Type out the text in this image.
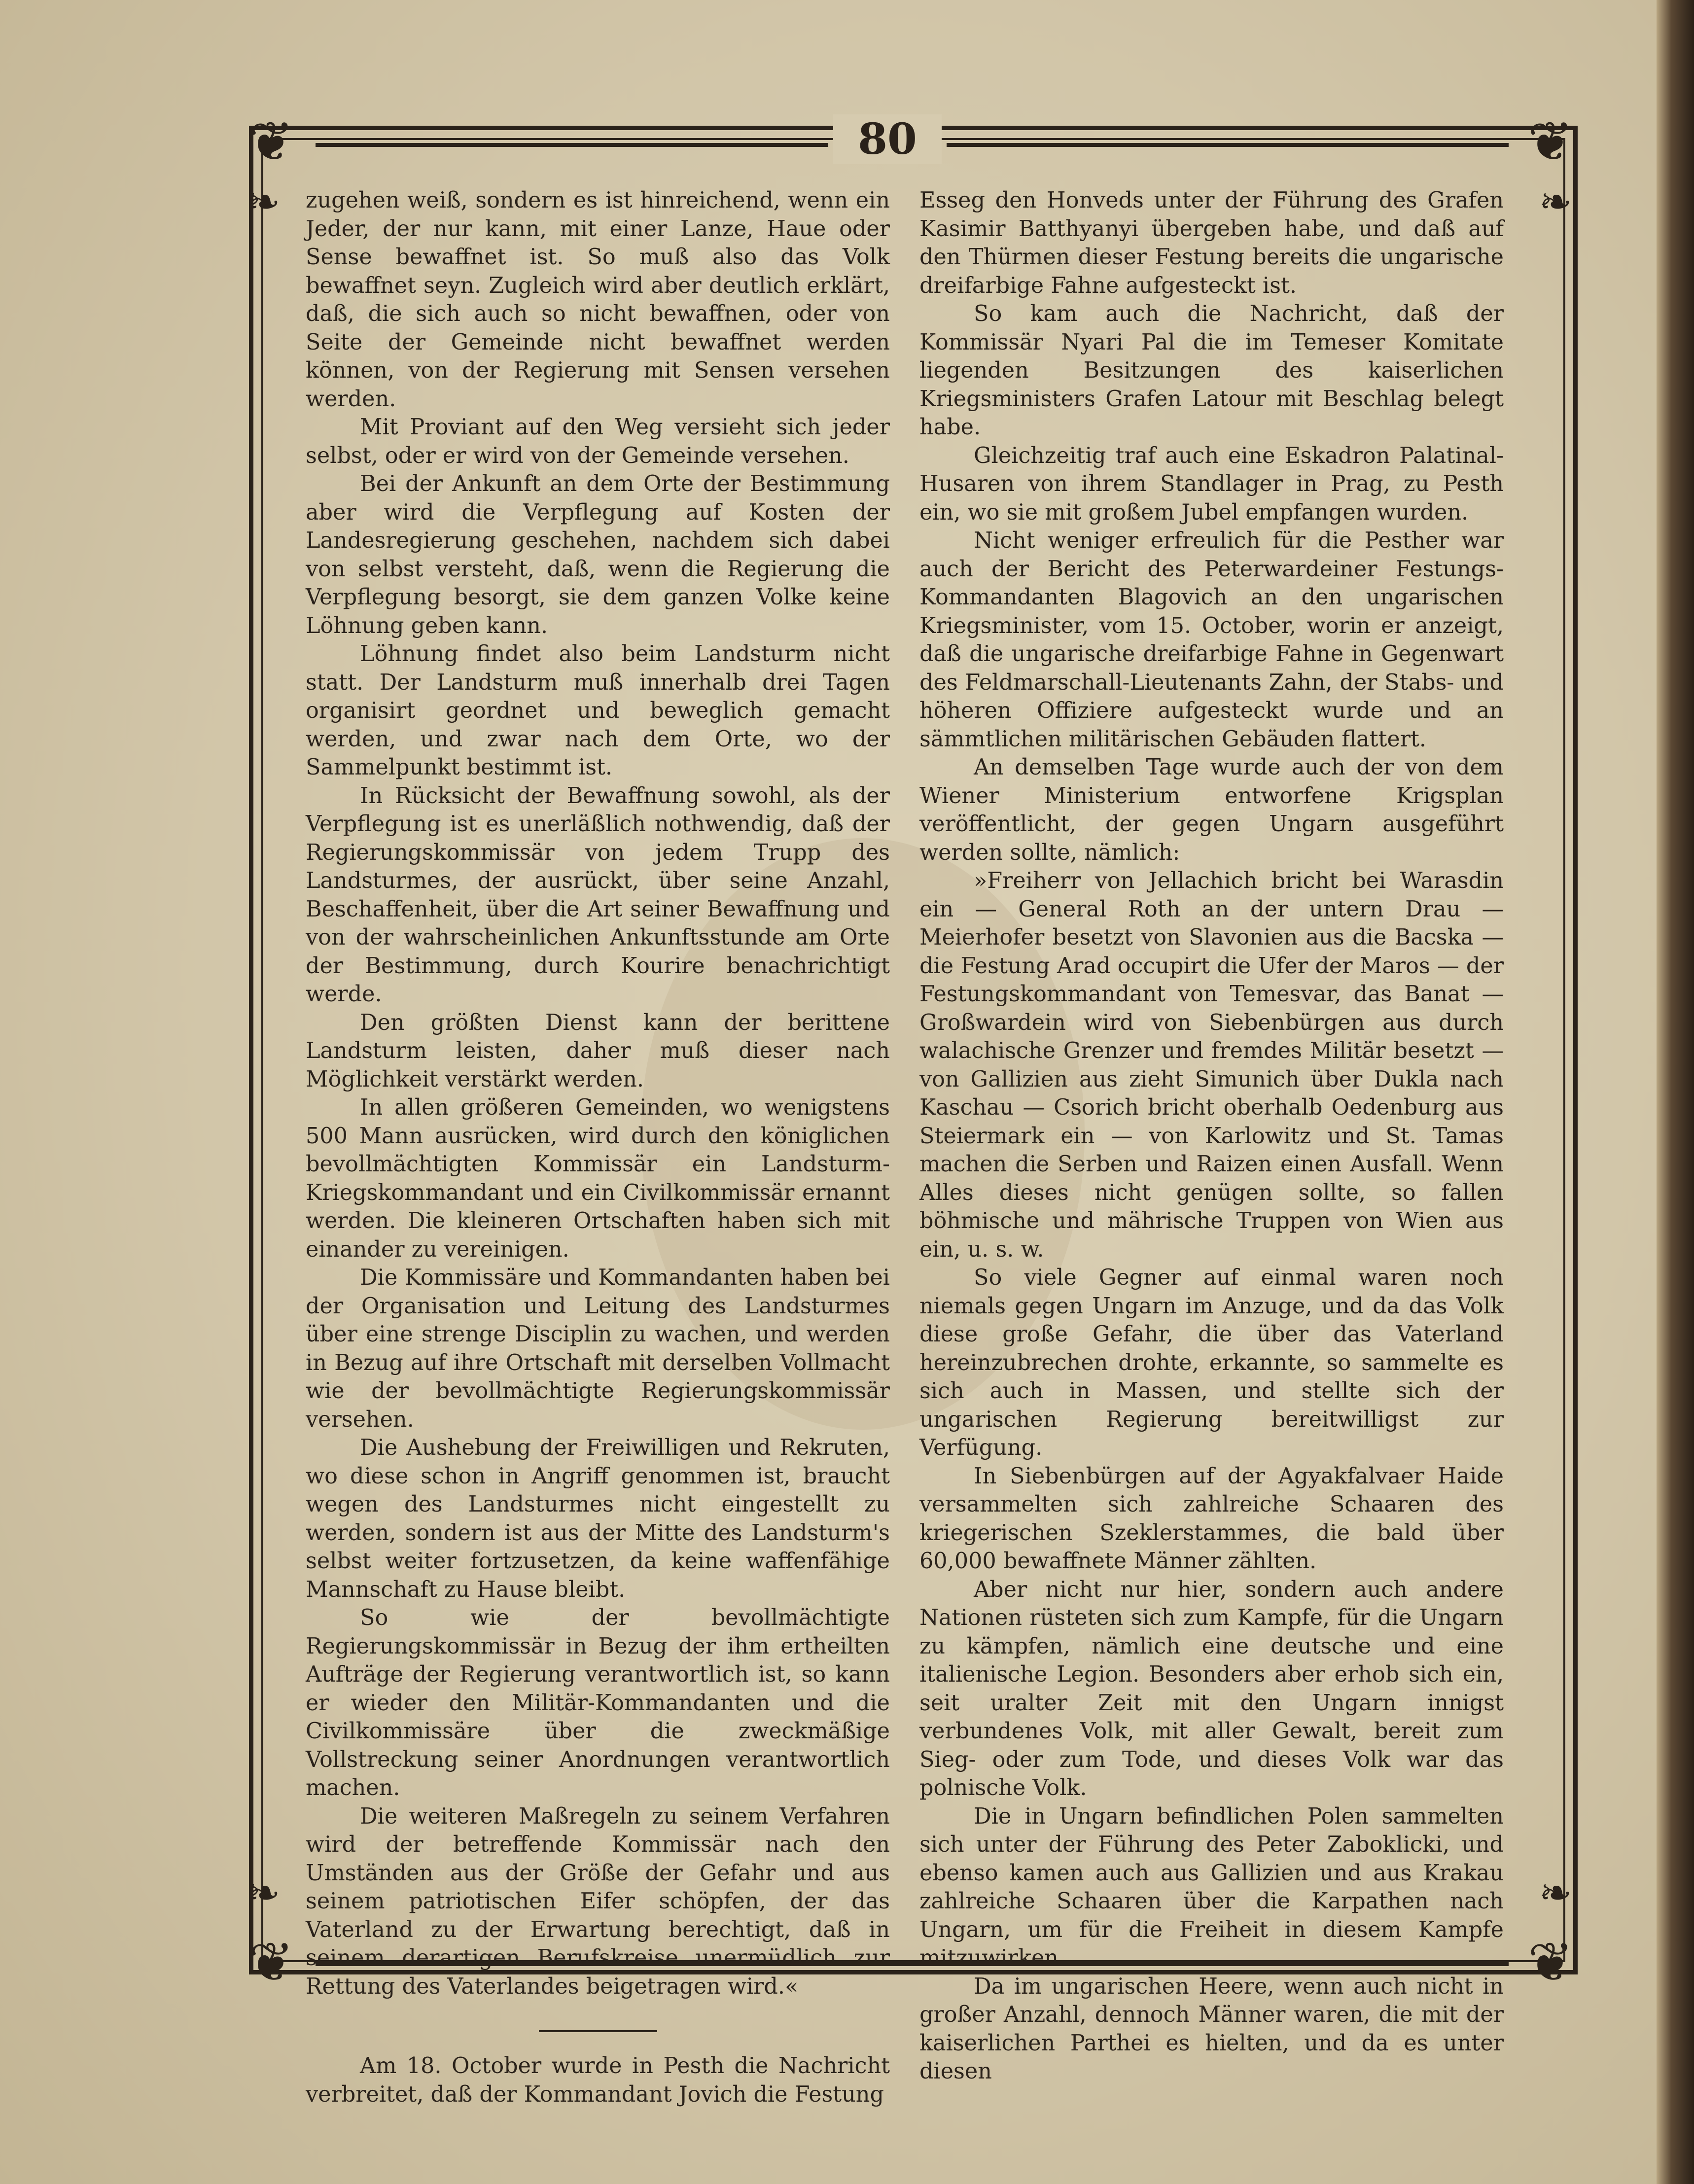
❦	❦
❦	❦
❧	❧
❧	❧
80

zugehen weiß, sondern es ist hinreichend, wenn ein Jeder, der nur kann, mit einer Lanze, Haue oder Sense bewaffnet ist. So muß also das Volk bewaffnet seyn. Zugleich wird aber deutlich erklärt, daß, die sich auch so nicht bewaffnen, oder von Seite der Gemeinde nicht bewaffnet werden können, von der Regierung mit Sensen versehen werden.

Mit Proviant auf den Weg versieht sich jeder selbst, oder er wird von der Gemeinde versehen.

Bei der Ankunft an dem Orte der Bestimmung aber wird die Verpflegung auf Kosten der Landesregierung geschehen, nachdem sich dabei von selbst versteht, daß, wenn die Regierung die Verpflegung besorgt, sie dem ganzen Volke keine Löhnung geben kann.

Löhnung findet also beim Landsturm nicht statt. Der Landsturm muß innerhalb drei Tagen organisirt geordnet und beweglich gemacht werden, und zwar nach dem Orte, wo der Sammelpunkt bestimmt ist.

In Rücksicht der Bewaffnung sowohl, als der Verpflegung ist es unerläßlich nothwendig, daß der Regierungskommissär von jedem Trupp des Landsturmes, der ausrückt, über seine Anzahl, Beschaffenheit, über die Art seiner Bewaffnung und von der wahrscheinlichen Ankunftsstunde am Orte der Bestimmung, durch Kourire benachrichtigt werde.

Den größten Dienst kann der berittene Landsturm leisten, daher muß dieser nach Möglichkeit verstärkt werden.

In allen größeren Gemeinden, wo wenigstens 500 Mann ausrücken, wird durch den königlichen bevollmächtigten Kommissär ein Landsturm-Kriegskommandant und ein Civilkommissär ernannt werden. Die kleineren Ortschaften haben sich mit einander zu vereinigen.

Die Kommissäre und Kommandanten haben bei der Organisation und Leitung des Landsturmes über eine strenge Disciplin zu wachen, und werden in Bezug auf ihre Ortschaft mit derselben Vollmacht wie der bevollmächtigte Regierungskommissär versehen.

Die Aushebung der Freiwilligen und Rekruten, wo diese schon in Angriff genommen ist, braucht wegen des Landsturmes nicht eingestellt zu werden, sondern ist aus der Mitte des Landsturm's selbst weiter fortzusetzen, da keine waffenfähige Mannschaft zu Hause bleibt.

So wie der bevollmächtigte Regierungskommissär in Bezug der ihm ertheilten Aufträge der Regierung verantwortlich ist, so kann er wieder den Militär-Kommandanten und die Civilkommissäre über die zweckmäßige Vollstreckung seiner Anordnungen verantwortlich machen.

Die weiteren Maßregeln zu seinem Verfahren wird der betreffende Kommissär nach den Umständen aus der Größe der Gefahr und aus seinem patriotischen Eifer schöpfen, der das Vaterland zu der Erwartung berechtigt, daß in seinem derartigen Berufskreise unermüdlich zur Rettung des Vaterlandes beigetragen wird.«

Am 18. October wurde in Pesth die Nachricht verbreitet, daß der Kommandant Jovich die Festung

Esseg den Honveds unter der Führung des Grafen Kasimir Batthyanyi übergeben habe, und daß auf den Thürmen dieser Festung bereits die ungarische dreifarbige Fahne aufgesteckt ist.

So kam auch die Nachricht, daß der Kommissär Nyari Pal die im Temeser Komitate liegenden Besitzungen des kaiserlichen Kriegsministers Grafen Latour mit Beschlag belegt habe.

Gleichzeitig traf auch eine Eskadron Palatinal-Husaren von ihrem Standlager in Prag, zu Pesth ein, wo sie mit großem Jubel empfangen wurden.

Nicht weniger erfreulich für die Pesther war auch der Bericht des Peterwardeiner Festungs-Kommandanten Blagovich an den ungarischen Kriegsminister, vom 15. October, worin er anzeigt, daß die ungarische dreifarbige Fahne in Gegenwart des Feldmarschall-Lieutenants Zahn, der Stabs- und höheren Offiziere aufgesteckt wurde und an sämmtlichen militärischen Gebäuden flattert.

An demselben Tage wurde auch der von dem Wiener Ministerium entworfene Krigsplan veröffentlicht, der gegen Ungarn ausgeführt werden sollte, nämlich:

»Freiherr von Jellachich bricht bei Warasdin ein — General Roth an der untern Drau — Meierhofer besetzt von Slavonien aus die Bacska — die Festung Arad occupirt die Ufer der Maros — der Festungskommandant von Temesvar, das Banat — Großwardein wird von Siebenbürgen aus durch walachische Grenzer und fremdes Militär besetzt — von Gallizien aus zieht Simunich über Dukla nach Kaschau — Csorich bricht oberhalb Oedenburg aus Steiermark ein — von Karlowitz und St. Tamas machen die Serben und Raizen einen Ausfall. Wenn Alles dieses nicht genügen sollte, so fallen böhmische und mährische Truppen von Wien aus ein, u. s. w.

So viele Gegner auf einmal waren noch niemals gegen Ungarn im Anzuge, und da das Volk diese große Gefahr, die über das Vaterland hereinzubrechen drohte, erkannte, so sammelte es sich auch in Massen, und stellte sich der ungarischen Regierung bereitwilligst zur Verfügung.

In Siebenbürgen auf der Agyakfalvaer Haide versammelten sich zahlreiche Schaaren des kriegerischen Szeklerstammes, die bald über 60,000 bewaffnete Männer zählten.

Aber nicht nur hier, sondern auch andere Nationen rüsteten sich zum Kampfe, für die Ungarn zu kämpfen, nämlich eine deutsche und eine italienische Legion. Besonders aber erhob sich ein, seit uralter Zeit mit den Ungarn innigst verbundenes Volk, mit aller Gewalt, bereit zum Sieg- oder zum Tode, und dieses Volk war das polnische Volk.

Die in Ungarn befindlichen Polen sammelten sich unter der Führung des Peter Zaboklicki, und ebenso kamen auch aus Gallizien und aus Krakau zahlreiche Schaaren über die Karpathen nach Ungarn, um für die Freiheit in diesem Kampfe mitzuwirken.

Da im ungarischen Heere, wenn auch nicht in großer Anzahl, dennoch Männer waren, die mit der kaiserlichen Parthei es hielten, und da es unter diesen
